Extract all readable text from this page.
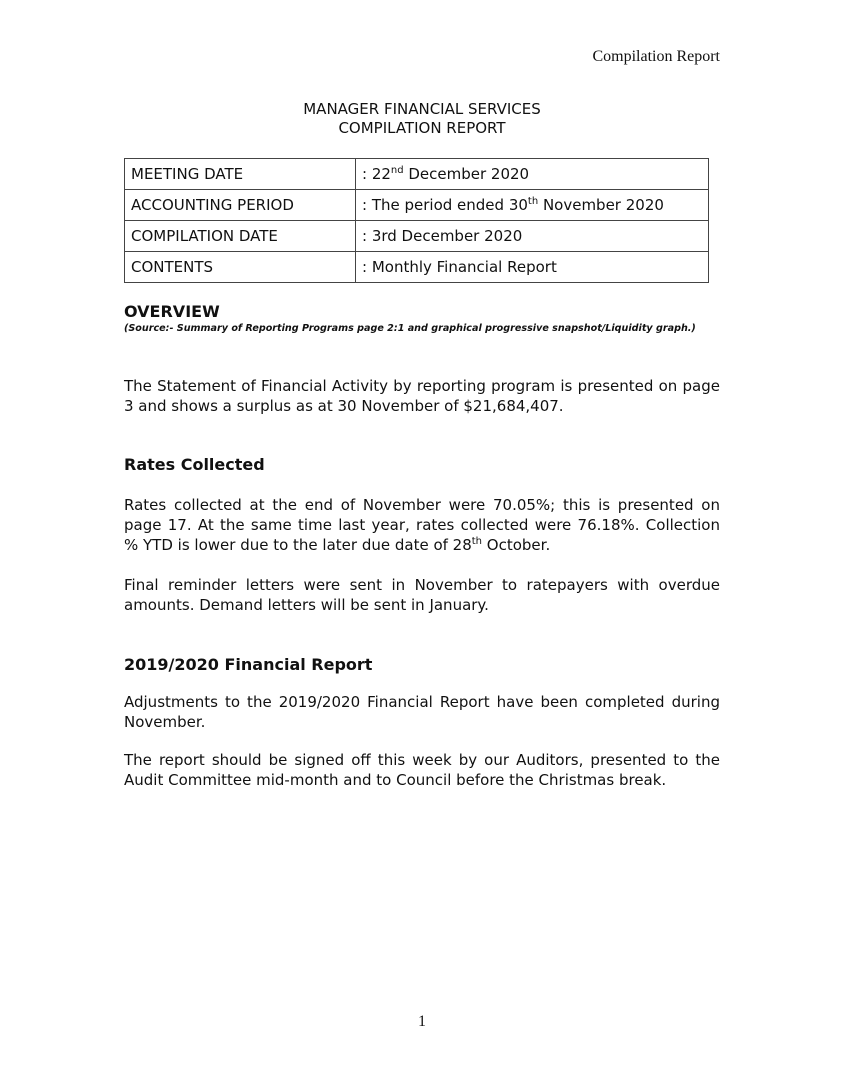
Compilation Report
MANAGER FINANCIAL SERVICES
COMPILATION REPORT
MEETING DATE	: 22nd December 2020
ACCOUNTING PERIOD	: The period ended 30th November 2020
COMPILATION DATE	: 3rd December 2020
CONTENTS	: Monthly Financial Report

OVERVIEW

(Source:- Summary of Reporting Programs page 2:1 and graphical progressive snapshot/Liquidity graph.)

The Statement of Financial Activity by reporting program is presented on page 3 and shows a surplus as at 30 November of $21,684,407.

Rates Collected

Rates collected at the end of November were 70.05%; this is presented on page 17. At the same time last year, rates collected were 76.18%. Collection % YTD is lower due to the later due date of 28th October.

Final reminder letters were sent in November to ratepayers with overdue amounts. Demand letters will be sent in January.

2019/2020 Financial Report

Adjustments to the 2019/2020 Financial Report have been completed during November.

The report should be signed off this week by our Auditors, presented to the Audit Committee mid-month and to Council before the Christmas break.

1
